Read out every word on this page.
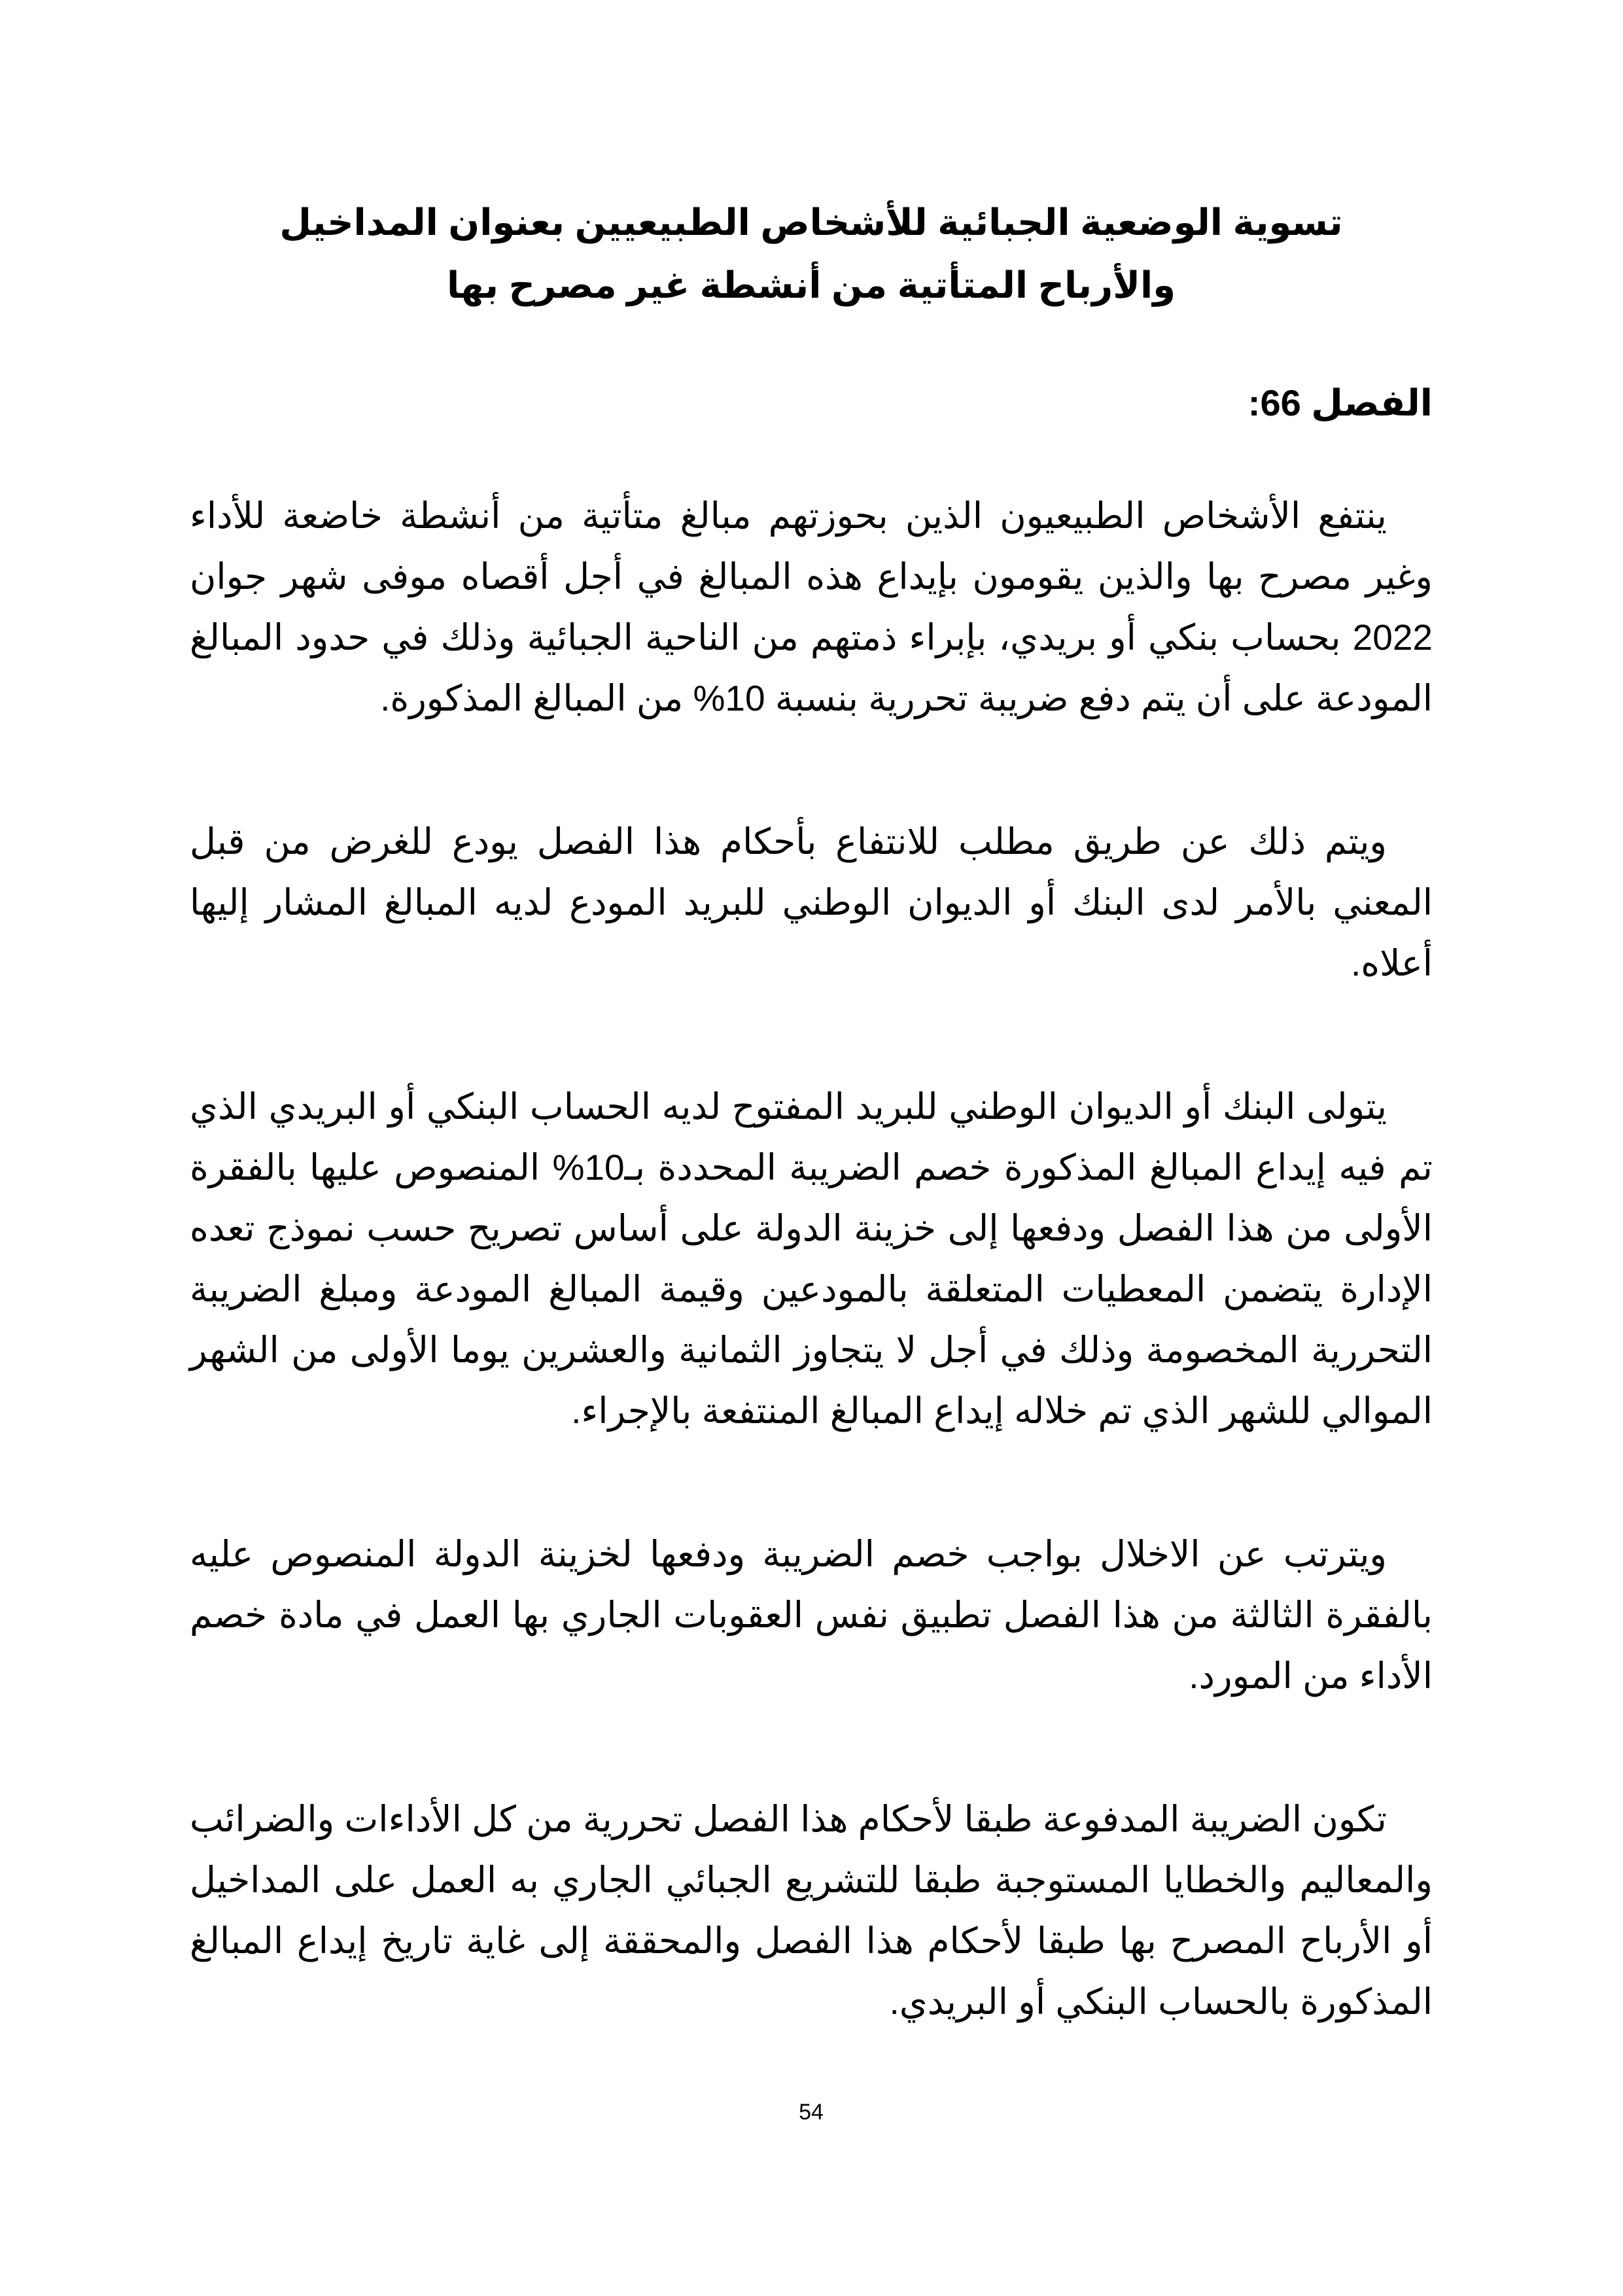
تسوية الوضعية الجبائية للأشخاص الطبيعيين بعنوان المداخيل
والأرباح المتأتية من أنشطة غير مصرح بها
الفصل 66:

ينتفع الأشخاص الطبيعيون الذين بحوزتهم مبالغ متأتية من أنشطة خاضعة للأداء وغير مصرح بها والذين يقومون بإيداع هذه المبالغ في أجل أقصاه موفى شهر جوان 2022 بحساب بنكي أو بريدي، بإبراء ذمتهم من الناحية الجبائية وذلك في حدود المبالغ المودعة على أن يتم دفع ضريبة تحررية بنسبة 10% من المبالغ المذكورة.

ويتم ذلك عن طريق مطلب للانتفاع بأحكام هذا الفصل يودع للغرض من قبل المعني بالأمر لدى البنك أو الديوان الوطني للبريد المودع لديه المبالغ المشار إليها أعلاه.

يتولى البنك أو الديوان الوطني للبريد المفتوح لديه الحساب البنكي أو البريدي الذي تم فيه إيداع المبالغ المذكورة خصم الضريبة المحددة بـ10% المنصوص عليها بالفقرة الأولى من هذا الفصل ودفعها إلى خزينة الدولة على أساس تصريح حسب نموذج تعده الإدارة يتضمن المعطيات المتعلقة بالمودعين وقيمة المبالغ المودعة ومبلغ الضريبة التحررية المخصومة وذلك في أجل لا يتجاوز الثمانية والعشرين يوما الأولى من الشهر الموالي للشهر الذي تم خلاله إيداع المبالغ المنتفعة بالإجراء.

ويترتب عن الاخلال بواجب خصم الضريبة ودفعها لخزينة الدولة المنصوص عليه بالفقرة الثالثة من هذا الفصل تطبيق نفس العقوبات الجاري بها العمل في مادة خصم الأداء من المورد.

تكون الضريبة المدفوعة طبقا لأحكام هذا الفصل تحررية من كل الأداءات والضرائب والمعاليم والخطايا المستوجبة طبقا للتشريع الجبائي الجاري به العمل على المداخيل أو الأرباح المصرح بها طبقا لأحكام هذا الفصل والمحققة إلى غاية تاريخ إيداع المبالغ المذكورة بالحساب البنكي أو البريدي.

54
